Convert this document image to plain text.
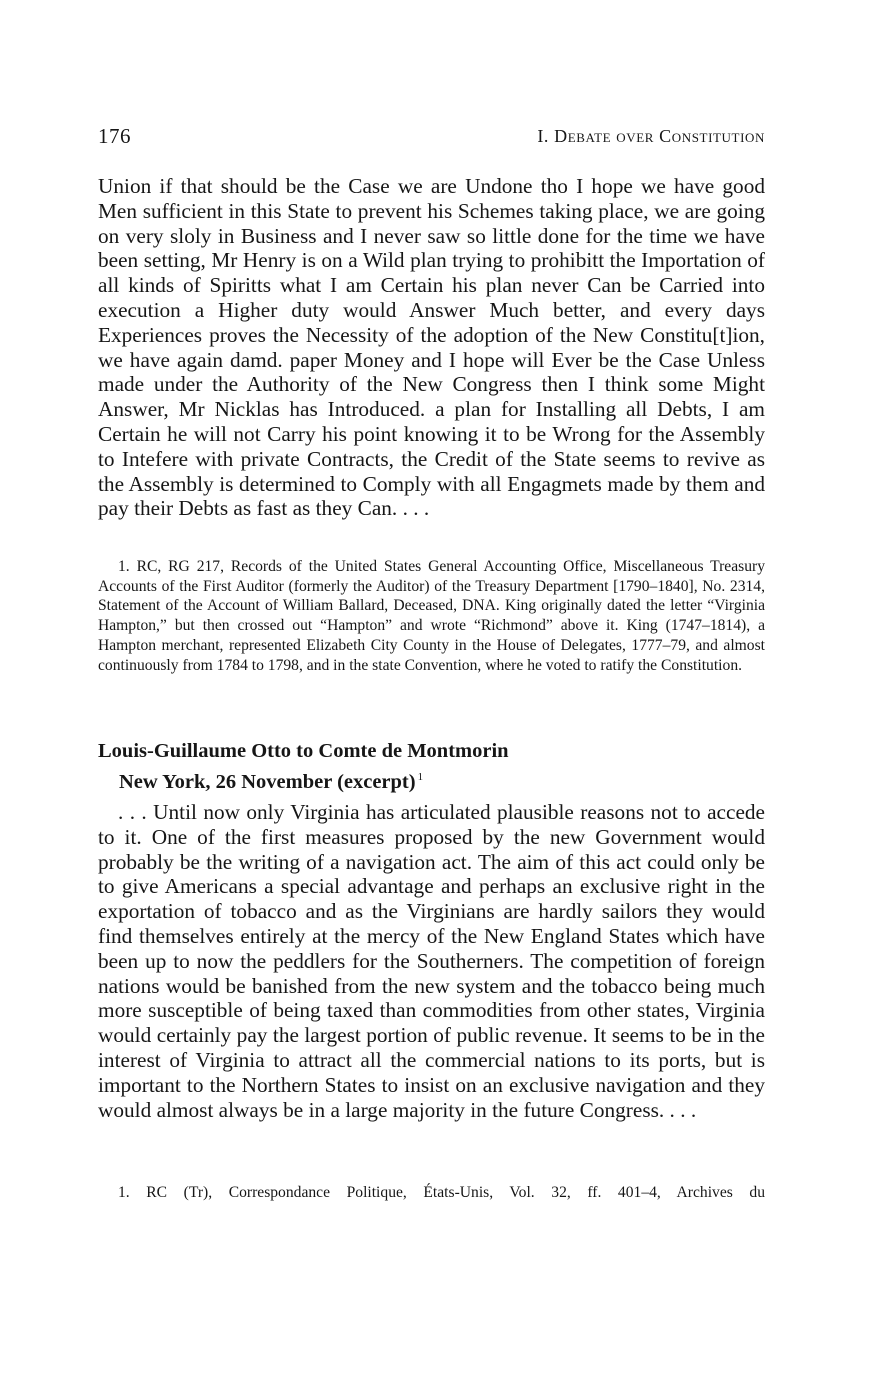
176	I. Debate over Constitution

Union if that should be the Case we are Undone tho I hope we have good Men sufficient in this State to prevent his Schemes taking place, we are going on very sloly in Business and I never saw so little done for the time we have been setting, Mr Henry is on a Wild plan trying to prohibitt the Importation of all kinds of Spiritts what I am Certain his plan never Can be Carried into execution a Higher duty would Answer Much better, and every days Experiences proves the Necessity of the adoption of the New Constitu[t]ion, we have again damd. paper Money and I hope will Ever be the Case Unless made under the Authority of the New Congress then I think some Might Answer, Mr Nicklas has Introduced. a plan for Installing all Debts, I am Certain he will not Carry his point knowing it to be Wrong for the Assembly to Intefere with private Contracts, the Credit of the State seems to revive as the Assembly is determined to Comply with all Engagmets made by them and pay their Debts as fast as they Can. . . .

1. RC, RG 217, Records of the United States General Accounting Office, Miscellaneous Treasury Accounts of the First Auditor (formerly the Auditor) of the Treasury Department [1790–1840], No. 2314, Statement of the Account of William Ballard, Deceased, DNA. King originally dated the letter “Virginia Hampton,” but then crossed out “Hampton” and wrote “Richmond” above it. King (1747–1814), a Hampton merchant, represented Elizabeth City County in the House of Delegates, 1777–79, and almost continuously from 1784 to 1798, and in the state Convention, where he voted to ratify the Constitution.

Louis-Guillaume Otto to Comte de Montmorin
New York, 26 November (excerpt) $^1$

. . . Until now only Virginia has articulated plausible reasons not to accede to it. One of the first measures proposed by the new Government would probably be the writing of a navigation act. The aim of this act could only be to give Americans a special advantage and perhaps an exclusive right in the exportation of tobacco and as the Virginians are hardly sailors they would find themselves entirely at the mercy of the New England States which have been up to now the peddlers for the Southerners. The competition of foreign nations would be banished from the new system and the tobacco being much more susceptible of being taxed than commodities from other states, Virginia would certainly pay the largest portion of public revenue. It seems to be in the interest of Virginia to attract all the commercial nations to its ports, but is important to the Northern States to insist on an exclusive navigation and they would almost always be in a large majority in the future Congress. . . .

1. RC (Tr), Correspondance Politique, États-Unis, Vol. 32, ff. 401–4, Archives du
